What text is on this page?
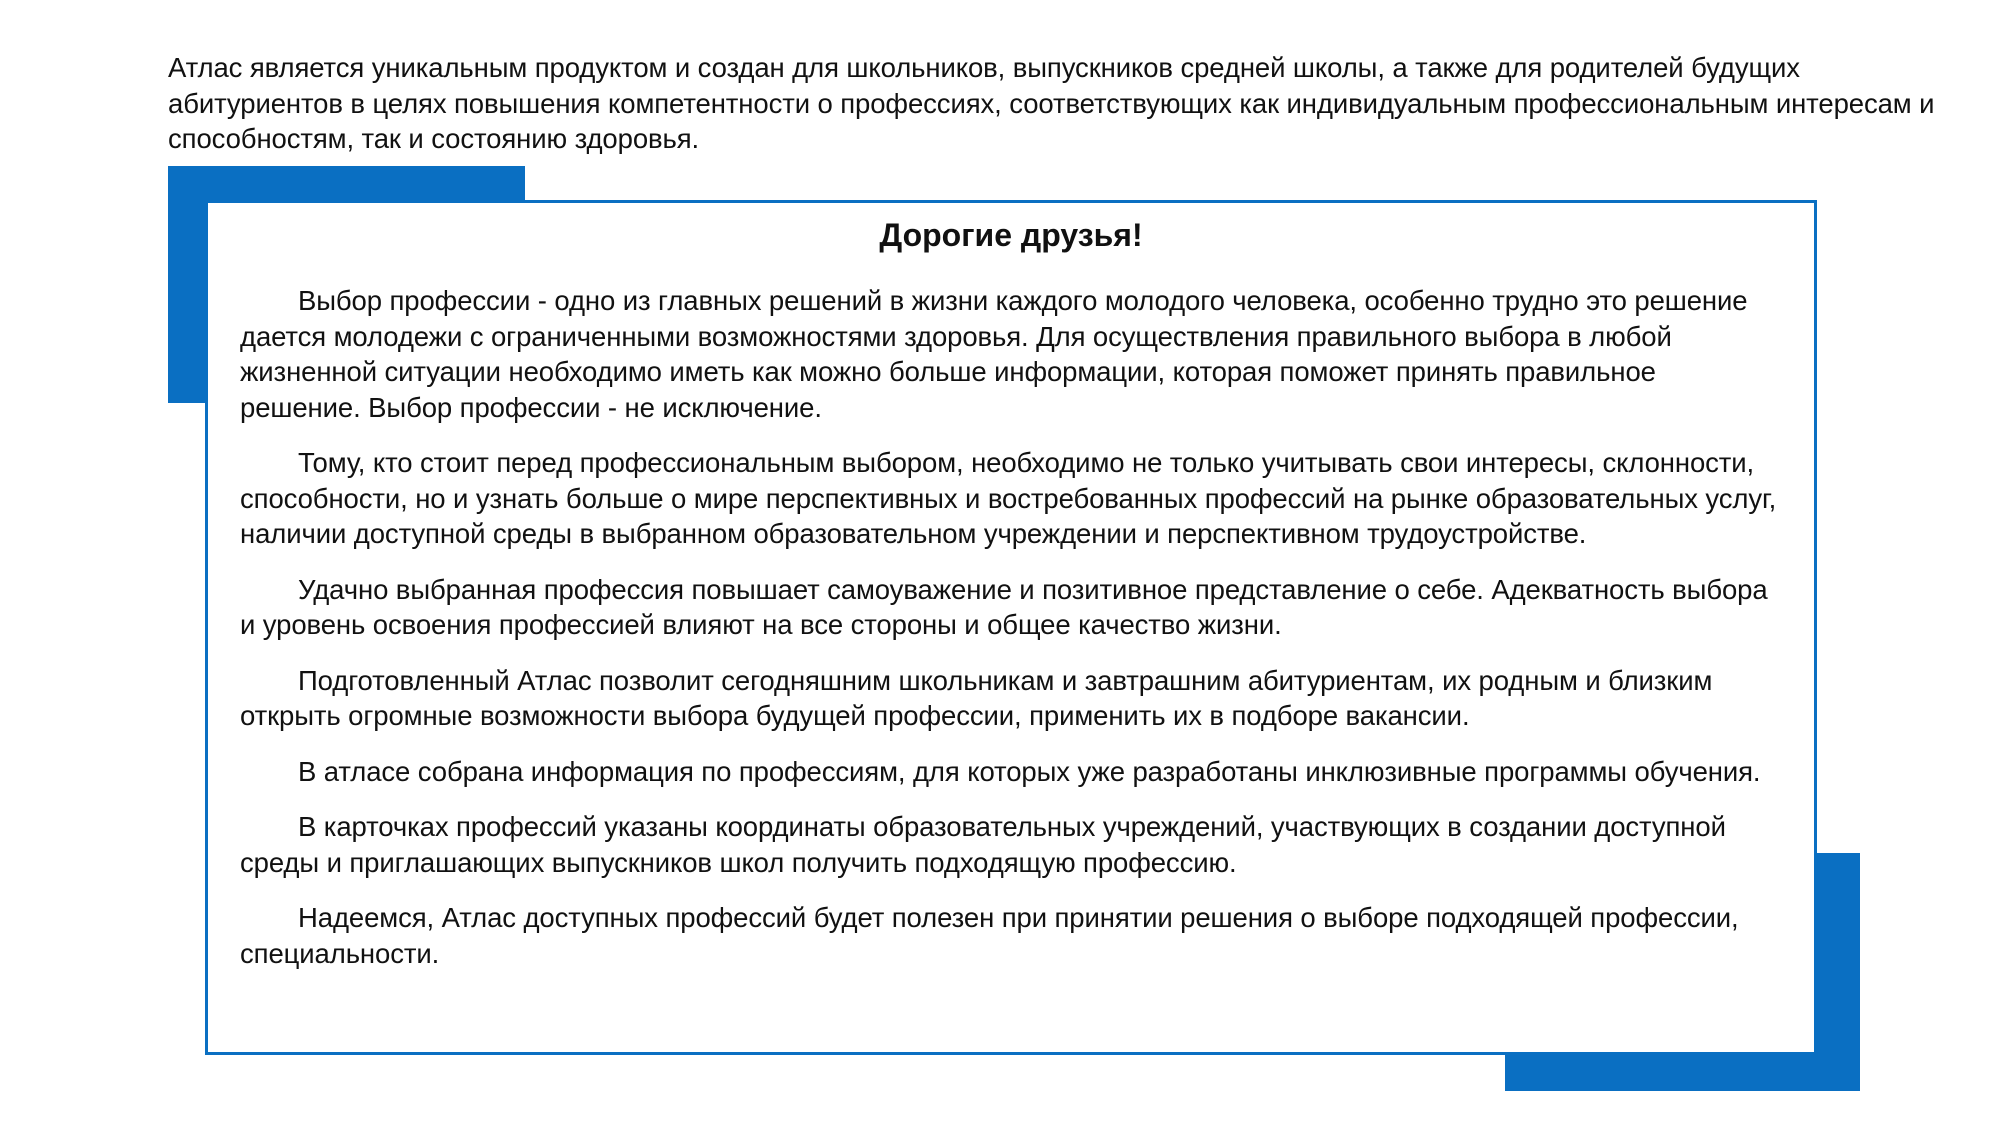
Атлас является уникальным продуктом и создан для школьников, выпускников средней школы, а также для родителей будущих абитуриентов в целях повышения компетентности о профессиях, соответствующих как индивидуальным профессиональным интересам и способностям, так и состоянию здоровья.

Дорогие друзья!

Выбор профессии - одно из главных решений в жизни каждого молодого человека, особенно трудно это решение дается молодежи с ограниченными возможностями здоровья. Для осуществления правильного выбора в любой жизненной ситуации необходимо иметь как можно больше информации, которая поможет принять правильное решение. Выбор профессии - не исключение.

Тому, кто стоит перед профессиональным выбором, необходимо не только учитывать свои интересы, склонности, способности, но и узнать больше о мире перспективных и востребованных профессий на рынке образовательных услуг, наличии доступной среды в выбранном образовательном учреждении и перспективном трудоустройстве.

Удачно выбранная профессия повышает самоуважение и позитивное представление о себе. Адекватность выбора и уровень освоения профессией влияют на все стороны и общее качество жизни.

Подготовленный Атлас позволит сегодняшним школьникам и завтрашним абитуриентам, их родным и близким открыть огромные возможности выбора будущей профессии, применить их в подборе вакансии.

В атласе собрана информация по профессиям, для которых уже разработаны инклюзивные программы обучения.

В карточках профессий указаны координаты образовательных учреждений, участвующих в создании доступной среды и приглашающих выпускников школ получить подходящую профессию.

Надеемся, Атлас доступных профессий будет полезен при принятии решения о выборе подходящей профессии, специальности.
